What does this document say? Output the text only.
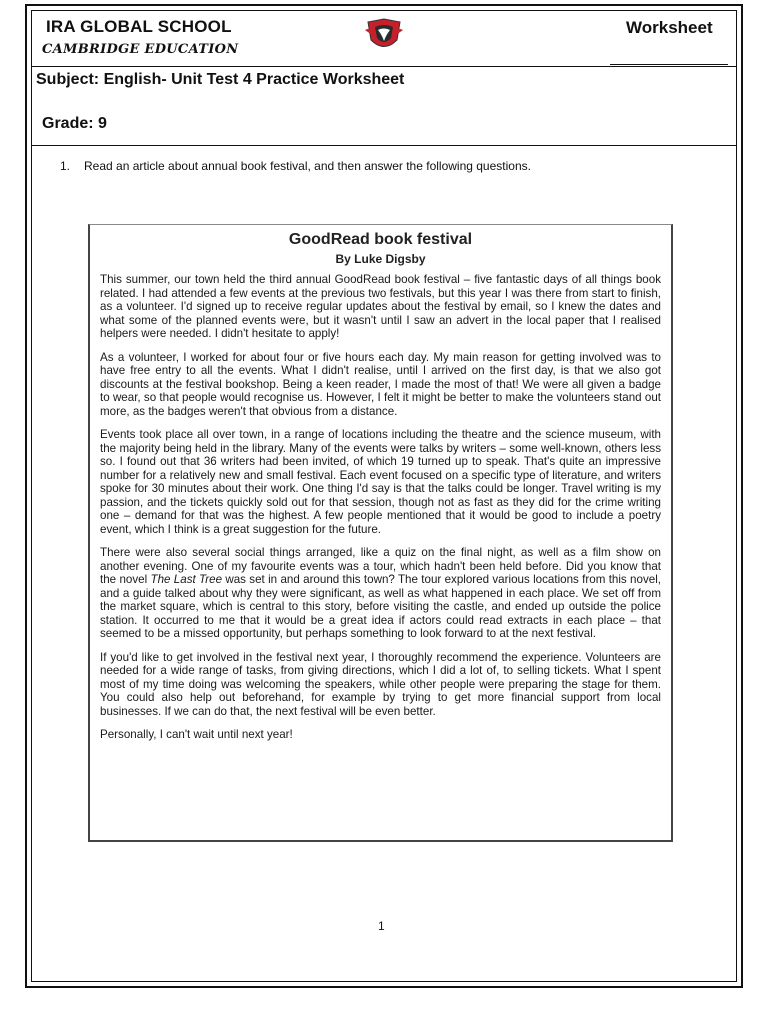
IRA GLOBAL SCHOOL
CAMBRIDGE EDUCATION
Worksheet
Subject: English- Unit Test 4 Practice Worksheet
Grade: 9
1. Read an article about annual book festival, and then answer the following questions.
GoodRead book festival
By Luke Digsby

This summer, our town held the third annual GoodRead book festival – five fantastic days of all things book related. I had attended a few events at the previous two festivals, but this year I was there from start to finish, as a volunteer. I'd signed up to receive regular updates about the festival by email, so I knew the dates and what some of the planned events were, but it wasn't until I saw an advert in the local paper that I realised helpers were needed. I didn't hesitate to apply!

As a volunteer, I worked for about four or five hours each day. My main reason for getting involved was to have free entry to all the events. What I didn't realise, until I arrived on the first day, is that we also got discounts at the festival bookshop. Being a keen reader, I made the most of that! We were all given a badge to wear, so that people would recognise us. However, I felt it might be better to make the volunteers stand out more, as the badges weren't that obvious from a distance.

Events took place all over town, in a range of locations including the theatre and the science museum, with the majority being held in the library. Many of the events were talks by writers – some well-known, others less so. I found out that 36 writers had been invited, of which 19 turned up to speak. That's quite an impressive number for a relatively new and small festival. Each event focused on a specific type of literature, and writers spoke for 30 minutes about their work. One thing I'd say is that the talks could be longer. Travel writing is my passion, and the tickets quickly sold out for that session, though not as fast as they did for the crime writing one – demand for that was the highest. A few people mentioned that it would be good to include a poetry event, which I think is a great suggestion for the future.

There were also several social things arranged, like a quiz on the final night, as well as a film show on another evening. One of my favourite events was a tour, which hadn't been held before. Did you know that the novel The Last Tree was set in and around this town? The tour explored various locations from this novel, and a guide talked about why they were significant, as well as what happened in each place. We set off from the market square, which is central to this story, before visiting the castle, and ended up outside the police station. It occurred to me that it would be a great idea if actors could read extracts in each place – that seemed to be a missed opportunity, but perhaps something to look forward to at the next festival.

If you'd like to get involved in the festival next year, I thoroughly recommend the experience. Volunteers are needed for a wide range of tasks, from giving directions, which I did a lot of, to selling tickets. What I spent most of my time doing was welcoming the speakers, while other people were preparing the stage for them. You could also help out beforehand, for example by trying to get more financial support from local businesses. If we can do that, the next festival will be even better.

Personally, I can't wait until next year!

1
